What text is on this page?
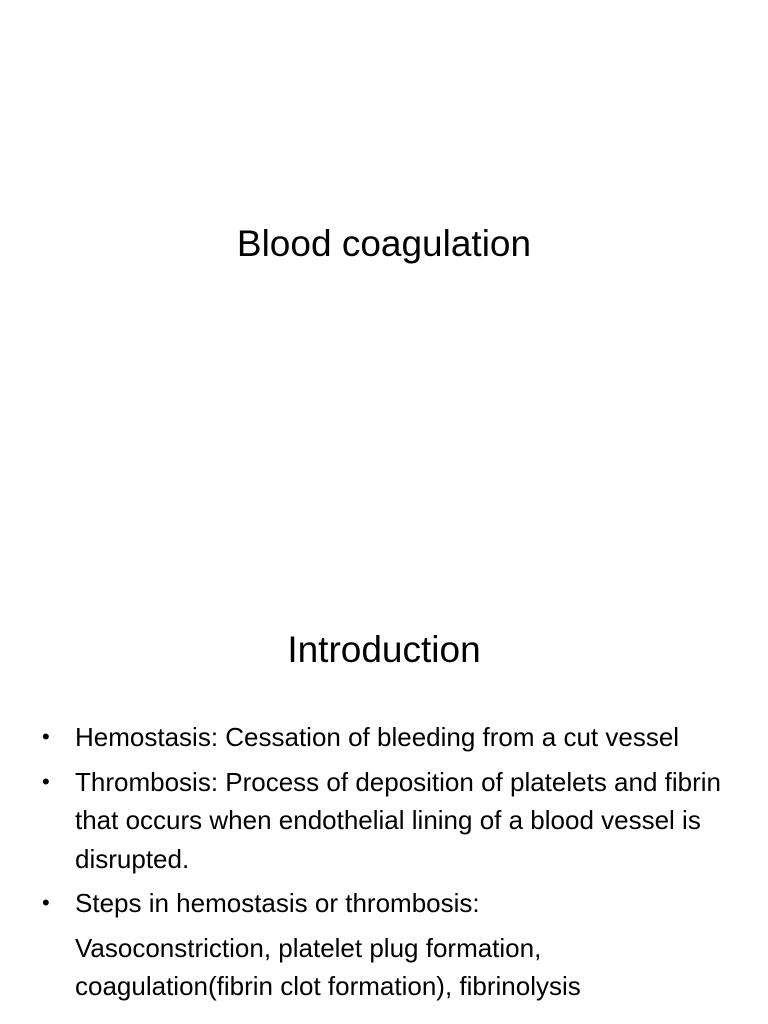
Blood coagulation
Introduction
• Hemostasis: Cessation of bleeding from a cut vessel
• Thrombosis: Process of deposition of platelets and fibrin that occurs when endothelial lining of a blood vessel is disrupted.
• Steps in hemostasis or thrombosis:
Vasoconstriction, platelet plug formation, coagulation(fibrin clot formation), fibrinolysis
